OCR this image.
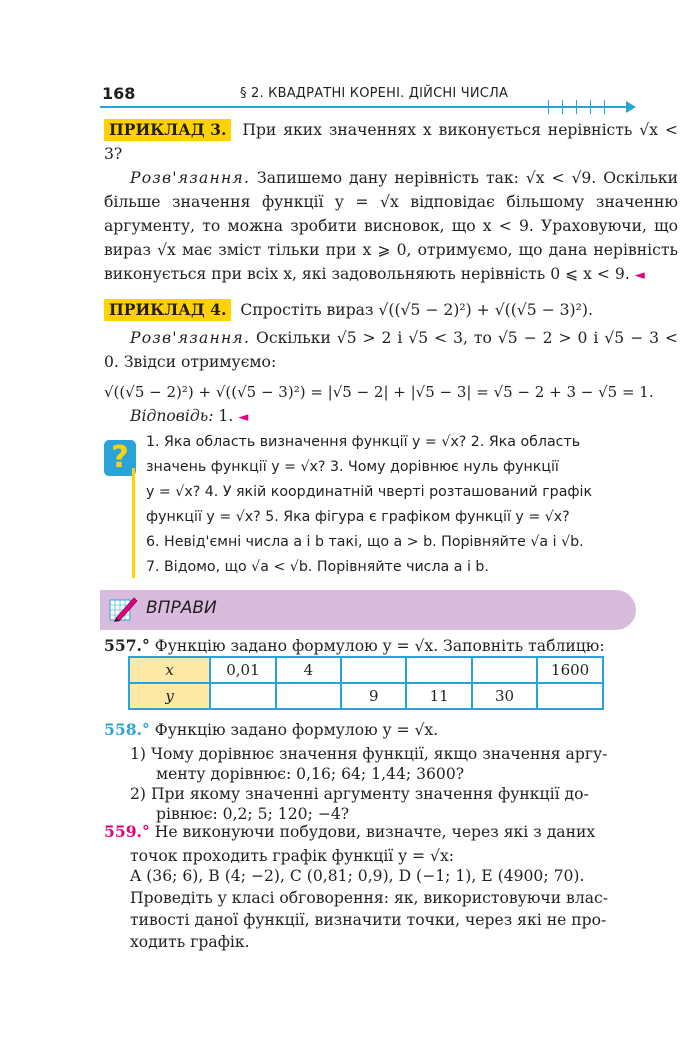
168	§ 2. КВАДРАТНІ КОРЕНІ. ДІЙСНІ ЧИСЛА
ПРИКЛАД 3. При яких значеннях x виконується нерівність √x < 3?
Розв'язання. Запишемо дану нерівність так: √x < √9. Оскільки більше значення функції y = √x відповідає більшому значенню аргументу, то можна зробити висновок, що x < 9. Ураховуючи, що вираз √x має зміст тільки при x ⩾ 0, отримуємо, що дана нерівність виконується при всіх x, які задовольняють нерівність 0 ⩽ x < 9. ◄
ПРИКЛАД 4. Спростіть вираз √((√5 − 2)²) + √((√5 − 3)²).
Розв'язання. Оскільки √5 > 2 і √5 < 3, то √5 − 2 > 0 і √5 − 3 < 0. Звідси отримуємо:
√((√5 − 2)²) + √((√5 − 3)²) = |√5 − 2| + |√5 − 3| = √5 − 2 + 3 − √5 = 1.
Відповідь: 1. ◄
?	1. Яка область визначення функції y = √x? 2. Яка область
значень функції y = √x? 3. Чому дорівнює нуль функції
y = √x? 4. У якій координатній чверті розташований графік
функції y = √x? 5. Яка фігура є графіком функції y = √x?
6. Невід'ємні числа a і b такі, що a > b. Порівняйте √a і √b.
7. Відомо, що √a < √b. Порівняйте числа a і b.
ВПРАВИ
557.° Функцію задано формулою y = √x. Заповніть таблицю:
x	0,01	4				1600
y			9	11	30	
558.° Функцію задано формулою y = √x.
1) Чому дорівнює значення функції, якщо значення аргу-
менту дорівнює: 0,16; 64; 1,44; 3600?
2) При якому значенні аргументу значення функції до-
рівнює: 0,2; 5; 120; −4?
559.° Не виконуючи побудови, визначте, через які з даних
точок проходить графік функції y = √x:
A (36; 6), B (4; −2), C (0,81; 0,9), D (−1; 1), E (4900; 70).
Проведіть у класі обговорення: як, використовуючи влас-
тивості даної функції, визначити точки, через які не про-
ходить графік.
